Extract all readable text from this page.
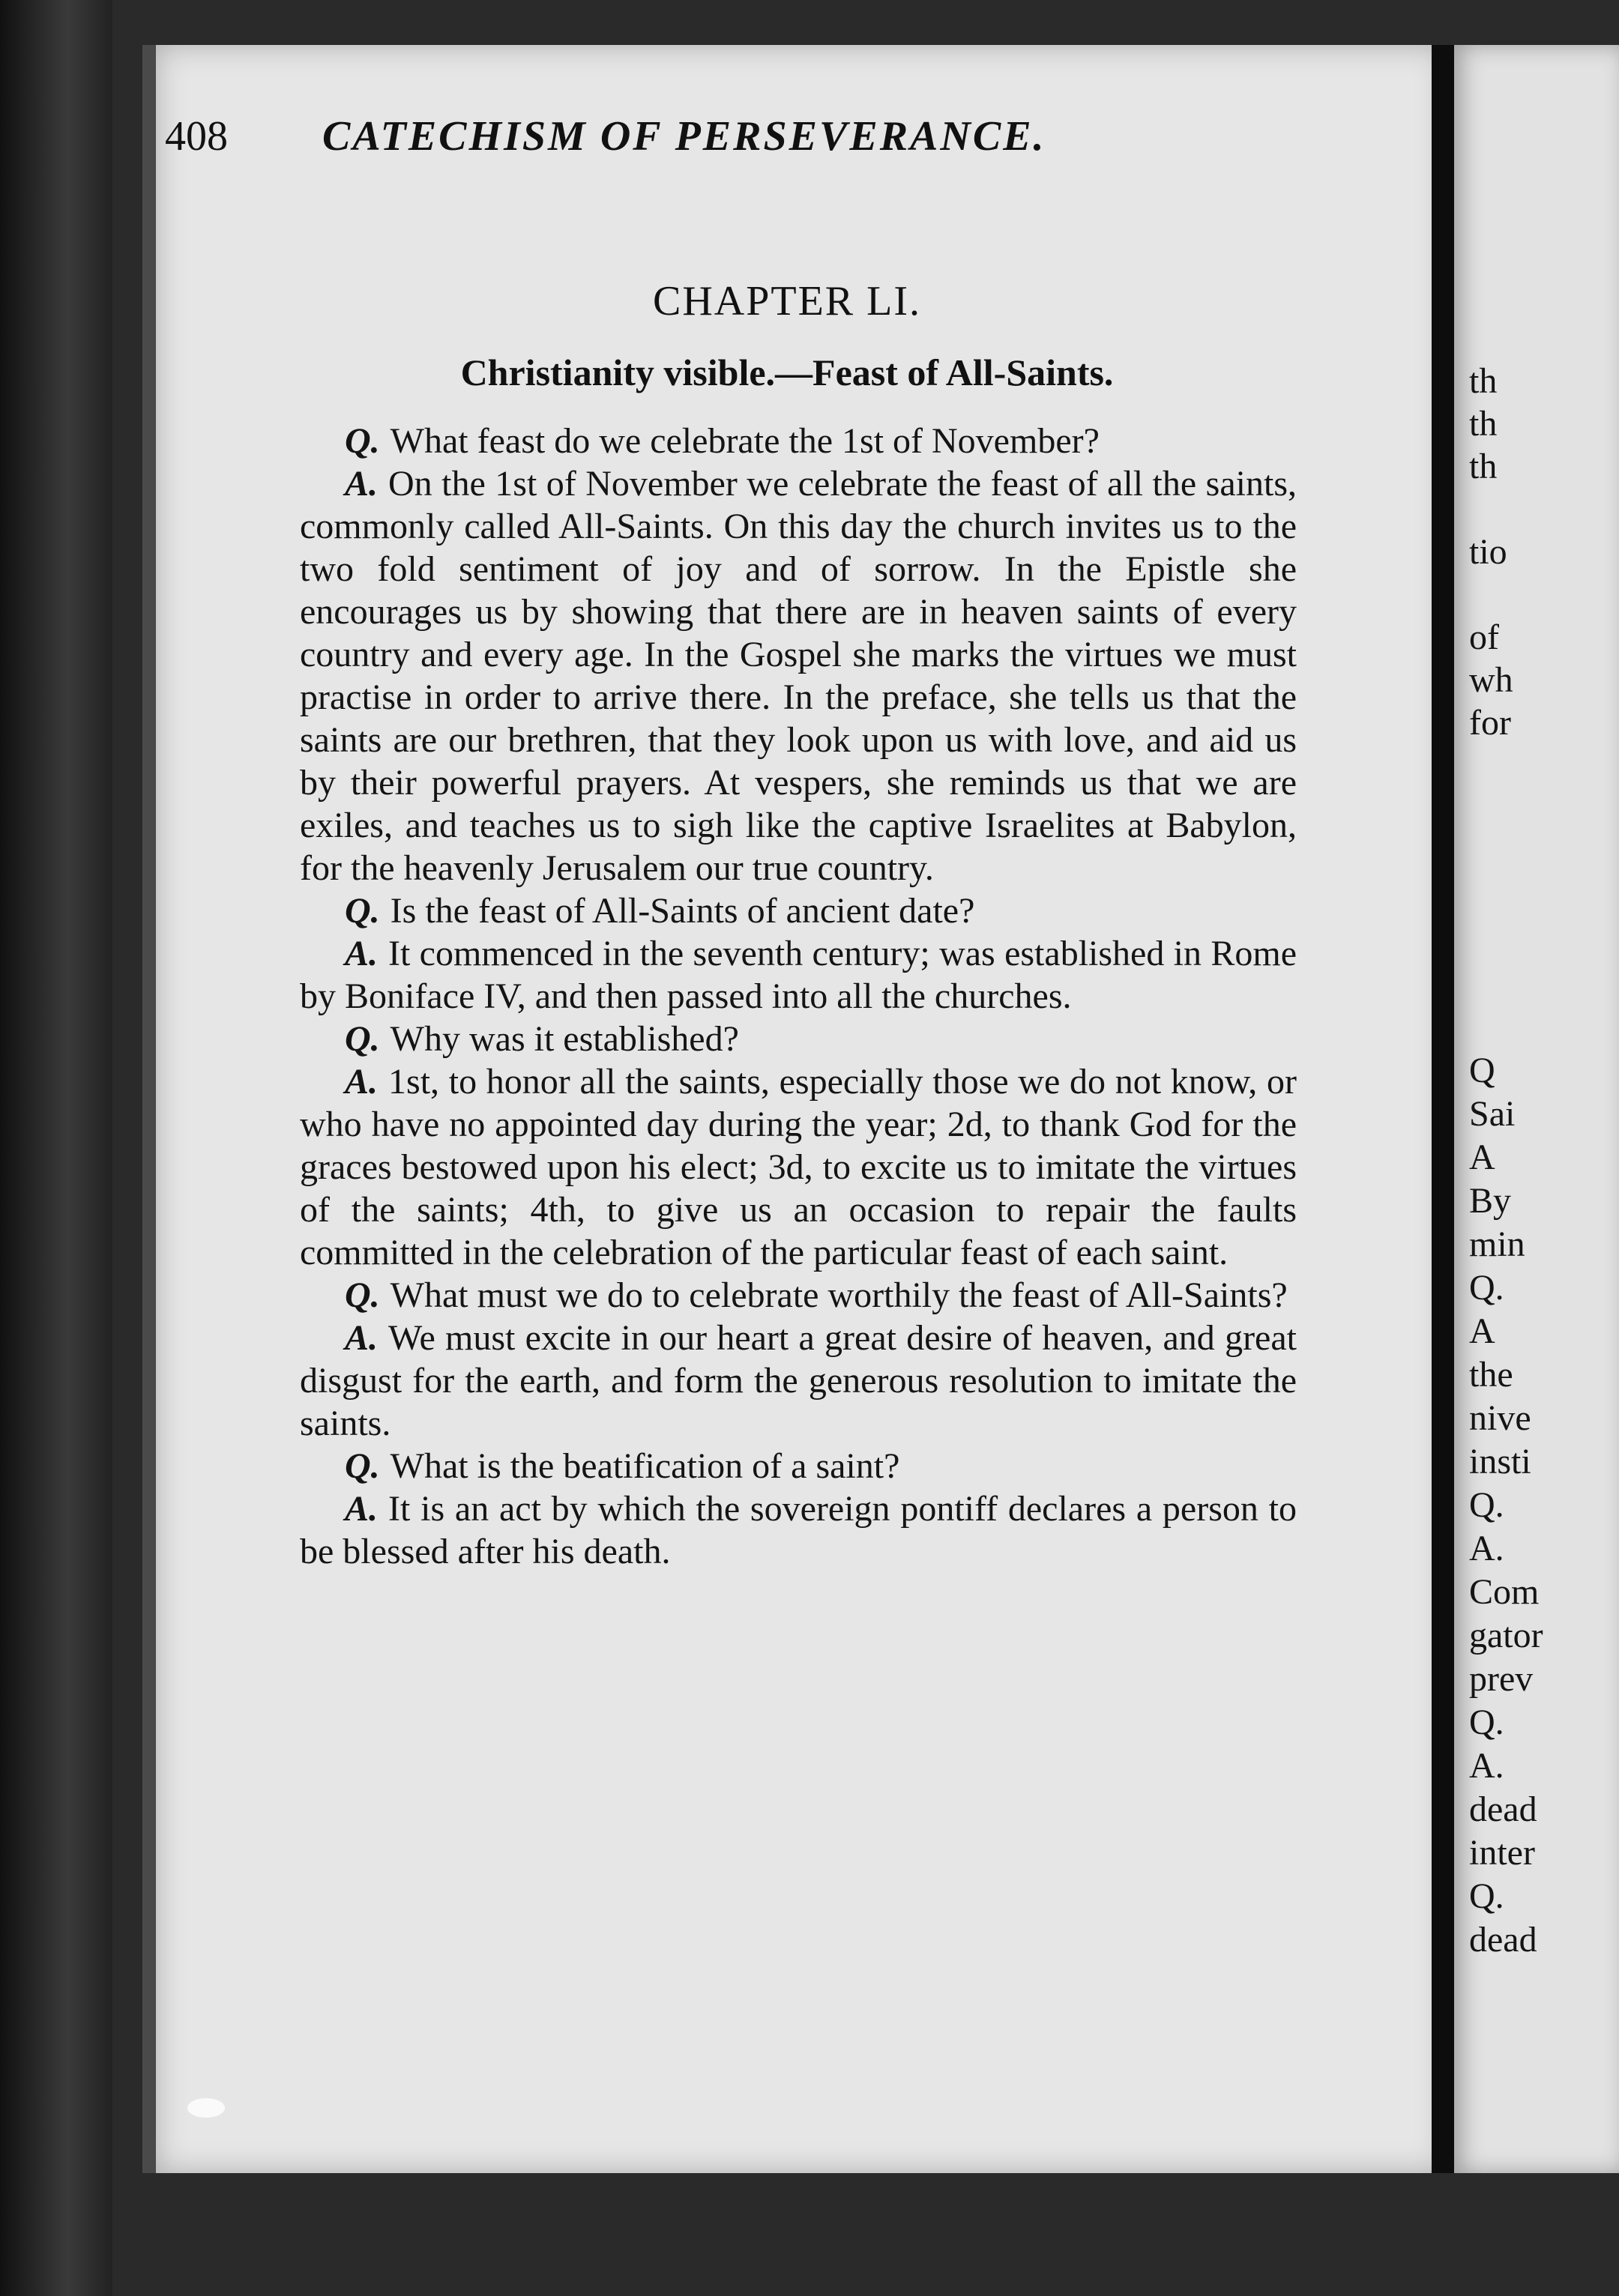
408 CATECHISM OF PERSEVERANCE.
CHAPTER LI.
Christianity visible.—Feast of All-Saints.

Q. What feast do we celebrate the 1st of November?

A. On the 1st of November we celebrate the feast of all the saints, commonly called All-Saints. On this day the church invites us to the two fold sentiment of joy and of sorrow. In the Epistle she encourages us by showing that there are in heaven saints of every country and every age. In the Gospel she marks the virtues we must practise in order to arrive there. In the preface, she tells us that the saints are our brethren, that they look upon us with love, and aid us by their powerful prayers. At vespers, she reminds us that we are exiles, and teaches us to sigh like the captive Israelites at Babylon, for the heavenly Jerusalem our true country.

Q. Is the feast of All-Saints of ancient date?

A. It commenced in the seventh century; was established in Rome by Boniface IV, and then passed into all the churches.

Q. Why was it established?

A. 1st, to honor all the saints, especially those we do not know, or who have no appointed day during the year; 2d, to thank God for the graces bestowed upon his elect; 3d, to excite us to imitate the virtues of the saints; 4th, to give us an occasion to repair the faults committed in the celebration of the particular feast of each saint.

Q. What must we do to celebrate worthily the feast of All-Saints?

A. We must excite in our heart a great desire of heaven, and great disgust for the earth, and form the generous resolution to imitate the saints.

Q. What is the beatification of a saint?

A. It is an act by which the sovereign pontiff declares a person to be blessed after his death.

th
th
th

tio

of
wh
for
Q
Sai
A
By
min
Q.
A
the
nive
insti
Q.
A.
Com
gator
prev
Q.
A.
dead
inter
Q.
dead
